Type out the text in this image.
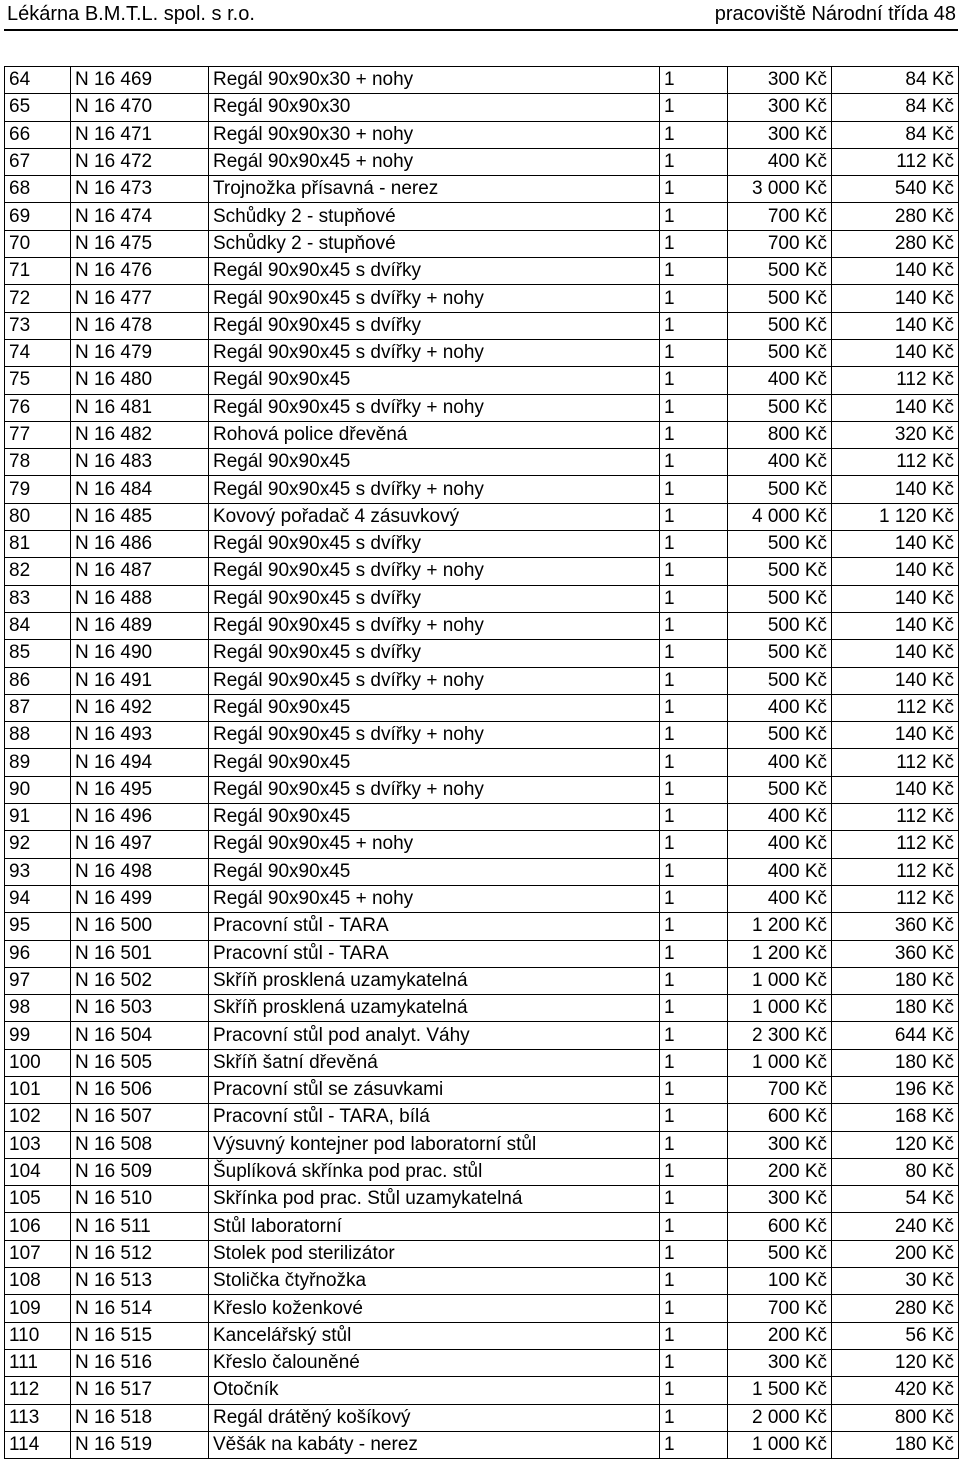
Lékárna B.M.T.L. spol. s r.o.	pracoviště Národní třída 48
64	N 16 469	Regál 90x90x30 + nohy	1	300 Kč	84 Kč
65	N 16 470	Regál 90x90x30	1	300 Kč	84 Kč
66	N 16 471	Regál 90x90x30 + nohy	1	300 Kč	84 Kč
67	N 16 472	Regál 90x90x45 + nohy	1	400 Kč	112 Kč
68	N 16 473	Trojnožka přísavná - nerez	1	3 000 Kč	540 Kč
69	N 16 474	Schůdky 2 - stupňové	1	700 Kč	280 Kč
70	N 16 475	Schůdky 2 - stupňové	1	700 Kč	280 Kč
71	N 16 476	Regál 90x90x45 s dvířky	1	500 Kč	140 Kč
72	N 16 477	Regál 90x90x45 s dvířky + nohy	1	500 Kč	140 Kč
73	N 16 478	Regál 90x90x45 s dvířky	1	500 Kč	140 Kč
74	N 16 479	Regál 90x90x45 s dvířky + nohy	1	500 Kč	140 Kč
75	N 16 480	Regál 90x90x45	1	400 Kč	112 Kč
76	N 16 481	Regál 90x90x45 s dvířky + nohy	1	500 Kč	140 Kč
77	N 16 482	Rohová police dřevěná	1	800 Kč	320 Kč
78	N 16 483	Regál 90x90x45	1	400 Kč	112 Kč
79	N 16 484	Regál 90x90x45 s dvířky + nohy	1	500 Kč	140 Kč
80	N 16 485	Kovový pořadač 4 zásuvkový	1	4 000 Kč	1 120 Kč
81	N 16 486	Regál 90x90x45 s dvířky	1	500 Kč	140 Kč
82	N 16 487	Regál 90x90x45 s dvířky + nohy	1	500 Kč	140 Kč
83	N 16 488	Regál 90x90x45 s dvířky	1	500 Kč	140 Kč
84	N 16 489	Regál 90x90x45 s dvířky + nohy	1	500 Kč	140 Kč
85	N 16 490	Regál 90x90x45 s dvířky	1	500 Kč	140 Kč
86	N 16 491	Regál 90x90x45 s dvířky + nohy	1	500 Kč	140 Kč
87	N 16 492	Regál 90x90x45	1	400 Kč	112 Kč
88	N 16 493	Regál 90x90x45 s dvířky + nohy	1	500 Kč	140 Kč
89	N 16 494	Regál 90x90x45	1	400 Kč	112 Kč
90	N 16 495	Regál 90x90x45 s dvířky + nohy	1	500 Kč	140 Kč
91	N 16 496	Regál 90x90x45	1	400 Kč	112 Kč
92	N 16 497	Regál 90x90x45 + nohy	1	400 Kč	112 Kč
93	N 16 498	Regál 90x90x45	1	400 Kč	112 Kč
94	N 16 499	Regál 90x90x45 + nohy	1	400 Kč	112 Kč
95	N 16 500	Pracovní stůl - TARA	1	1 200 Kč	360 Kč
96	N 16 501	Pracovní stůl - TARA	1	1 200 Kč	360 Kč
97	N 16 502	Skříň prosklená uzamykatelná	1	1 000 Kč	180 Kč
98	N 16 503	Skříň prosklená uzamykatelná	1	1 000 Kč	180 Kč
99	N 16 504	Pracovní stůl pod analyt. Váhy	1	2 300 Kč	644 Kč
100	N 16 505	Skříň šatní dřevěná	1	1 000 Kč	180 Kč
101	N 16 506	Pracovní stůl se zásuvkami	1	700 Kč	196 Kč
102	N 16 507	Pracovní stůl - TARA, bílá	1	600 Kč	168 Kč
103	N 16 508	Výsuvný kontejner pod laboratorní stůl	1	300 Kč	120 Kč
104	N 16 509	Šuplíková skřínka pod prac. stůl	1	200 Kč	80 Kč
105	N 16 510	Skřínka pod prac. Stůl uzamykatelná	1	300 Kč	54 Kč
106	N 16 511	Stůl laboratorní	1	600 Kč	240 Kč
107	N 16 512	Stolek pod sterilizátor	1	500 Kč	200 Kč
108	N 16 513	Stolička čtyřnožka	1	100 Kč	30 Kč
109	N 16 514	Křeslo koženkové	1	700 Kč	280 Kč
110	N 16 515	Kancelářský stůl	1	200 Kč	56 Kč
111	N 16 516	Křeslo čalouněné	1	300 Kč	120 Kč
112	N 16 517	Otočník	1	1 500 Kč	420 Kč
113	N 16 518	Regál drátěný košíkový	1	2 000 Kč	800 Kč
114	N 16 519	Věšák na kabáty - nerez	1	1 000 Kč	180 Kč
